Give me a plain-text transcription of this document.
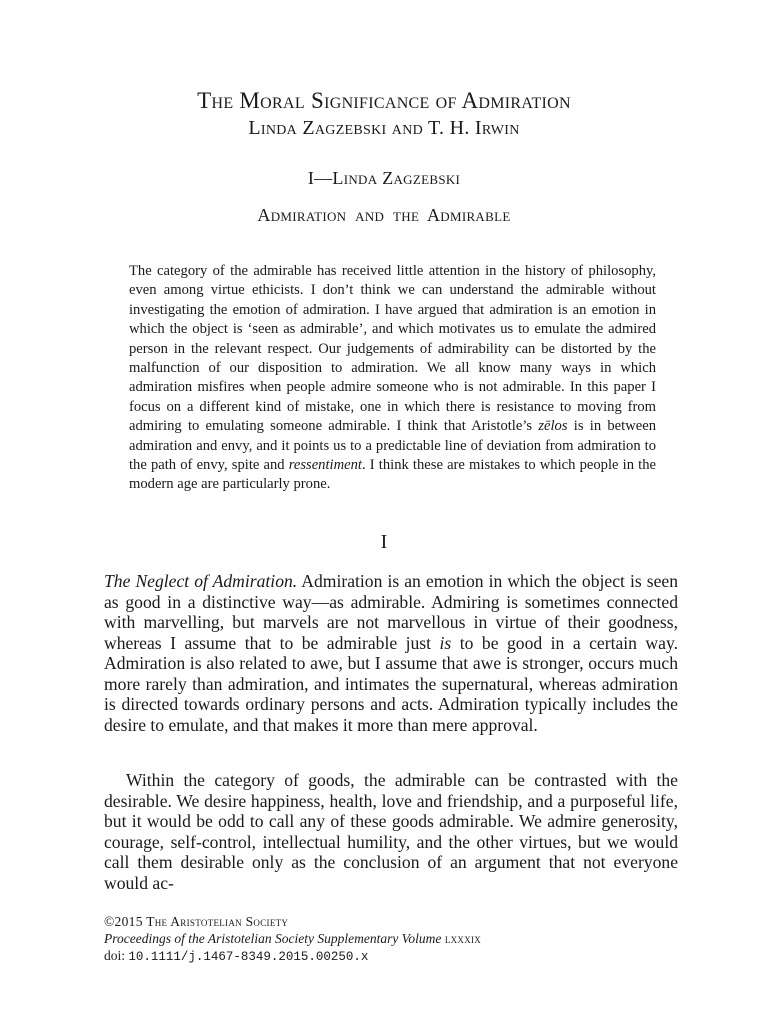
The Moral Significance of Admiration
Linda Zagzebski and T. H. Irwin
I—Linda Zagzebski
Admiration and the Admirable

The category of the admirable has received little attention in the history of philosophy, even among virtue ethicists. I don’t think we can understand the admirable without investigating the emotion of admiration. I have argued that admiration is an emotion in which the object is ‘seen as admirable’, and which motivates us to emulate the admired person in the relevant respect. Our judgements of admirability can be distorted by the malfunction of our disposition to admiration. We all know many ways in which admiration misfires when people admire someone who is not admirable. In this paper I focus on a different kind of mistake, one in which there is resistance to moving from admiring to emulating someone admirable. I think that Aristotle’s zēlos is in between admiration and envy, and it points us to a predictable line of deviation from admiration to the path of envy, spite and ressentiment. I think these are mistakes to which people in the modern age are particularly prone.

I

The Neglect of Admiration. Admiration is an emotion in which the object is seen as good in a distinctive way—as admirable. Admiring is sometimes connected with marvelling, but marvels are not marvellous in virtue of their goodness, whereas I assume that to be admirable just is to be good in a certain way. Admiration is also related to awe, but I assume that awe is stronger, occurs much more rarely than admiration, and intimates the supernatural, whereas admiration is directed towards ordinary persons and acts. Admiration typically includes the desire to emulate, and that makes it more than mere approval.

Within the category of goods, the admirable can be contrasted with the desirable. We desire happiness, health, love and friendship, and a purposeful life, but it would be odd to call any of these goods admirable. We admire generosity, courage, self-control, intellectual humility, and the other virtues, but we would call them desirable only as the conclusion of an argument that not everyone would ac-

©2015 The Aristotelian Society
Proceedings of the Aristotelian Society Supplementary Volume lxxxix
doi: 10.1111/j.1467-8349.2015.00250.x
